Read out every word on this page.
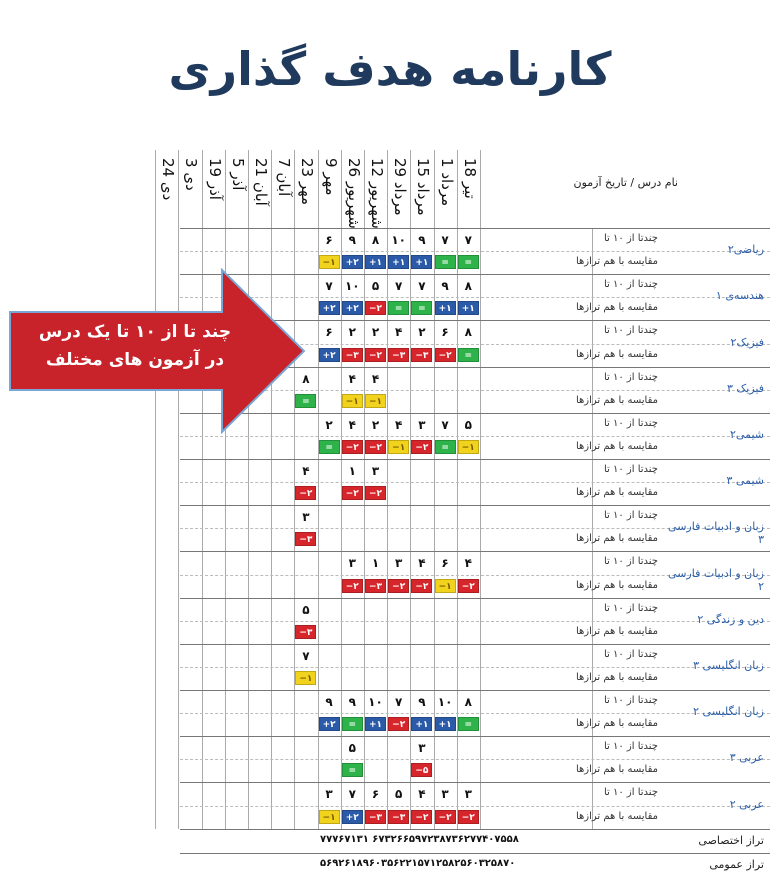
کارنامه هدف گذاری
نام درس / تاریخ آزمون
تیر 18
مرداد 1
مرداد 15
مرداد 29
شهریور 12
شهریور 26
مهر 9
مهر 23
آبان 7
آبان 21
آذر 5
آذر 19
دی 3
دی 24
ریاضی۲
چندتا از ۱۰ تا
مقایسه با هم ترازها
۷
۷
۹
۱۰
۸
۹
۶
=
=
+۱
+۱
+۱
+۲
−۱
هندسه‌ی ۱
چندتا از ۱۰ تا
مقایسه با هم ترازها
۸
۹
۷
۷
۵
۱۰
۷
+۱
+۱
=
=
−۲
+۲
+۲
فیزیک۲
چندتا از ۱۰ تا
مقایسه با هم ترازها
۸
۶
۲
۴
۲
۲
۶
=
−۲
−۳
−۳
−۲
−۳
+۲
فیزیک ۳
چندتا از ۱۰ تا
مقایسه با هم ترازها
۴
۴
۸
−۱
−۱
=
شیمی۲
چندتا از ۱۰ تا
مقایسه با هم ترازها
۵
۷
۳
۴
۲
۴
۲
−۱
=
−۲
−۱
−۲
−۲
=
شیمی ۳
چندتا از ۱۰ تا
مقایسه با هم ترازها
۳
۱
۴
−۲
−۲
−۲
زبان و ادبیات فارسی ۳
چندتا از ۱۰ تا
مقایسه با هم ترازها
۳
−۳
زبان و ادبیات فارسی ۲
چندتا از ۱۰ تا
مقایسه با هم ترازها
۴
۶
۴
۳
۱
۳
−۲
−۱
−۲
−۲
−۳
−۲
دین و زندگی ۲
چندتا از ۱۰ تا
مقایسه با هم ترازها
۵
−۳
زبان انگلیسی ۳
چندتا از ۱۰ تا
مقایسه با هم ترازها
۷
−۱
زبان انگلیسی ۲
چندتا از ۱۰ تا
مقایسه با هم ترازها
۸
۱۰
۹
۷
۱۰
۹
۹
=
+۱
+۱
−۲
+۱
=
+۲
عربی ۳
چندتا از ۱۰ تا
مقایسه با هم ترازها
۳
۵
−۵
=
عربی ۲
چندتا از ۱۰ تا
مقایسه با هم ترازها
۳
۳
۴
۵
۶
۷
۳
−۲
−۲
−۲
−۳
−۳
+۲
−۱
تراز اختصاصی
۷۷۷۶۷۱۳۱ ۶۷۳۲۶۶۵۹۷۲۳۸۷۳۶۲۷۷۴۰۷۵۵۸
تراز عمومی
۵۶۹۲۶۱۸۹۶۰۳۵۶۲۲۱۵۷۱۲۵۸۲۵۶۰۳۲۵۸۷۰
چند تا از ۱۰ تا یک درس
در آزمون های مختلف
